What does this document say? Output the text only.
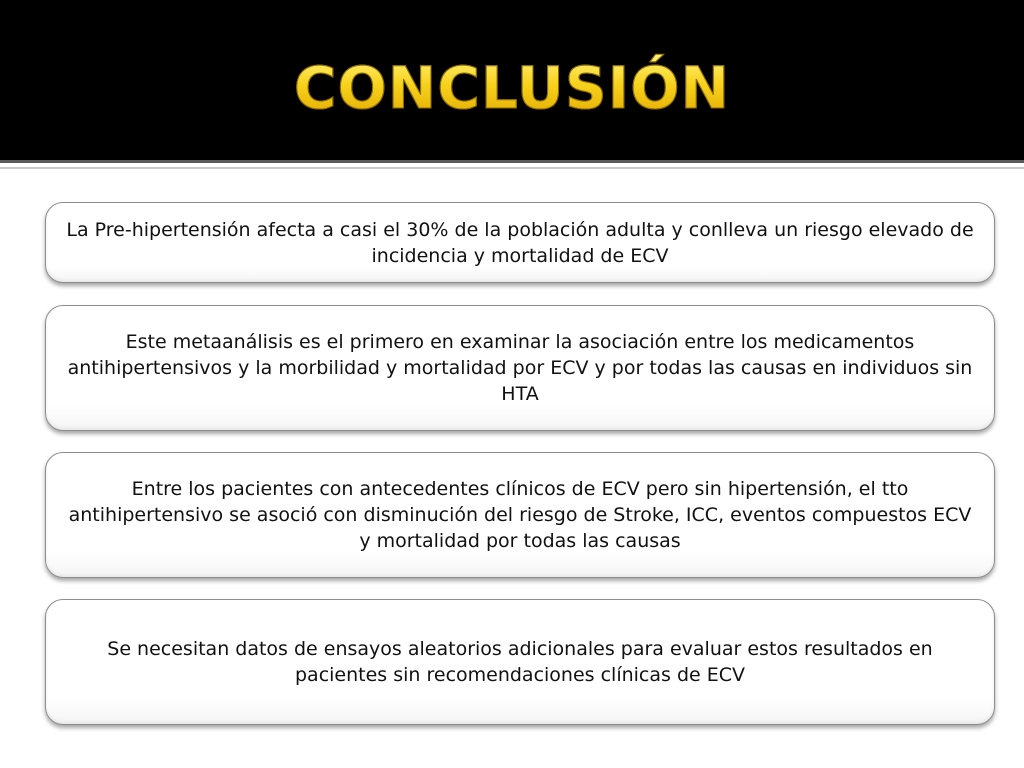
CONCLUSIÓN
La Pre-hipertensión afecta a casi el 30% de la población adulta y conlleva un riesgo elevado de incidencia y mortalidad de ECV
Este metaanálisis es el primero en examinar la asociación entre los medicamentos antihipertensivos y la morbilidad y mortalidad por ECV y por todas las causas en individuos sin HTA
Entre los pacientes con antecedentes clínicos de ECV pero sin hipertensión, el tto antihipertensivo se asoció con disminución del riesgo de Stroke, ICC, eventos compuestos ECV y mortalidad por todas las causas
Se necesitan datos de ensayos aleatorios adicionales para evaluar estos resultados en pacientes sin recomendaciones clínicas de ECV
